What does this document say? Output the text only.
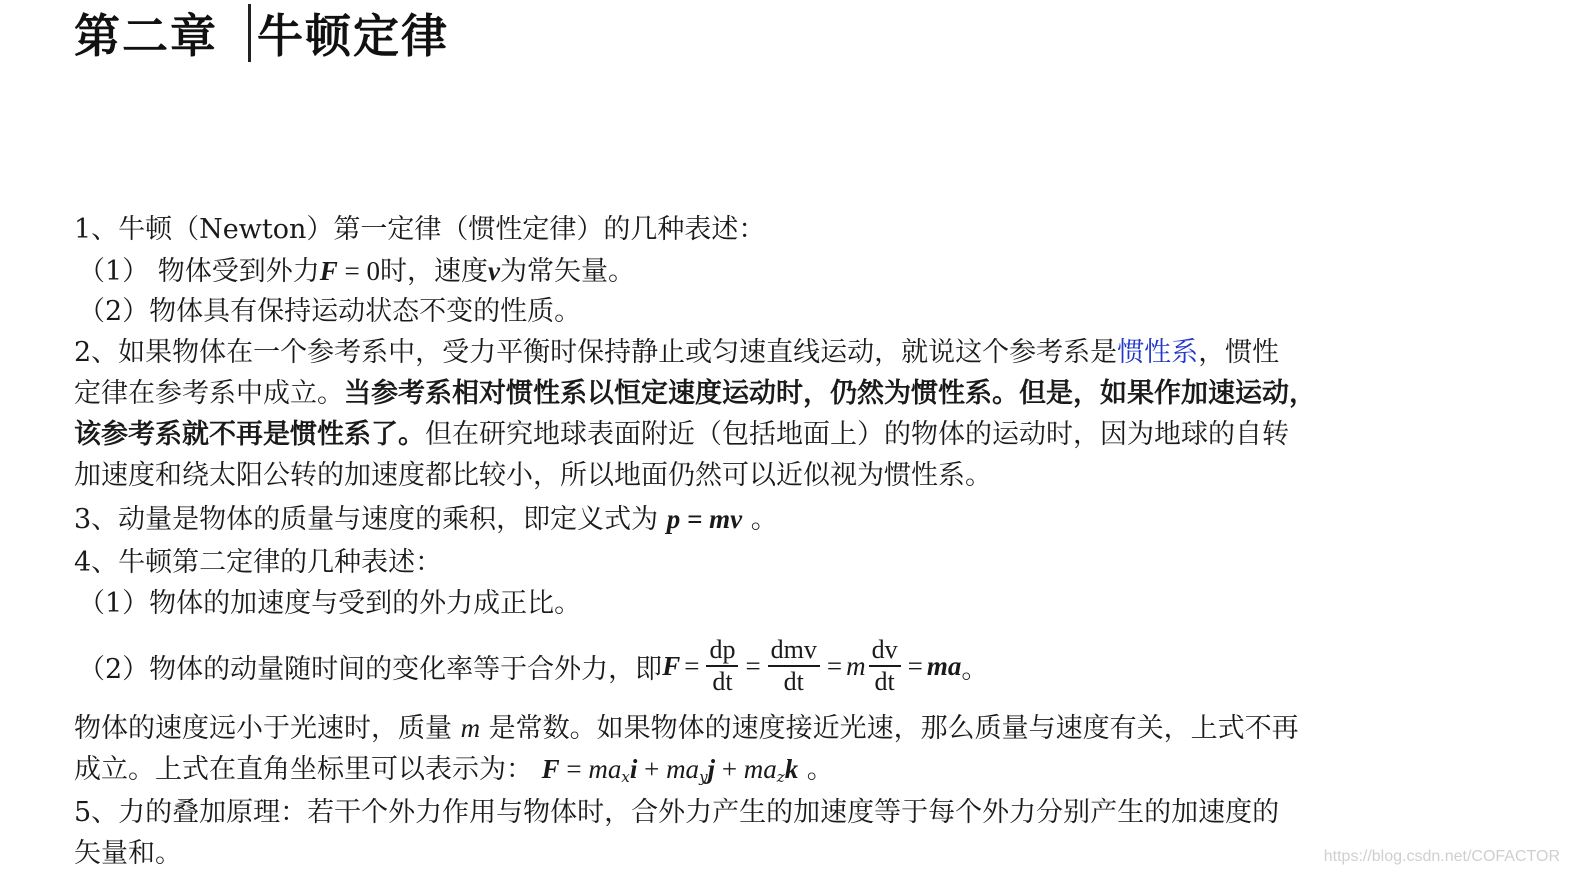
第二章 牛顿定律
1、牛顿（Newton）第一定律（惯性定律）的几种表述：
（1） 物体受到外力F = 0时，速度v为常矢量。
（2）物体具有保持运动状态不变的性质。
2、如果物体在一个参考系中，受力平衡时保持静止或匀速直线运动，就说这个参考系是惯性系，惯性
定律在参考系中成立。当参考系相对惯性系以恒定速度运动时，仍然为惯性系。但是，如果作加速运动，
该参考系就不再是惯性系了。但在研究地球表面附近（包括地面上）的物体的运动时，因为地球的自转
加速度和绕太阳公转的加速度都比较小，所以地面仍然可以近似视为惯性系。
3、动量是物体的质量与速度的乘积，即定义式为 p = mv 。
4、牛顿第二定律的几种表述：
（1）物体的加速度与受到的外力成正比。
（2）物体的动量随时间的变化率等于合外力，即 $F = \frac{dp}{dt} = \frac{\text{dmv}}{dt} = m \frac{dv}{dt}$ = ma 。
物体的速度远小于光速时，质量 m 是常数。如果物体的速度接近光速，那么质量与速度有关，上式不再
成立。上式在直角坐标里可以表示为： $F = ma_xi + ma_yj + ma_zk$ 。
5、力的叠加原理：若干个外力作用与物体时，合外力产生的加速度等于每个外力分别产生的加速度的
矢量和。	https://blog.csdn.net/COFACTOR
